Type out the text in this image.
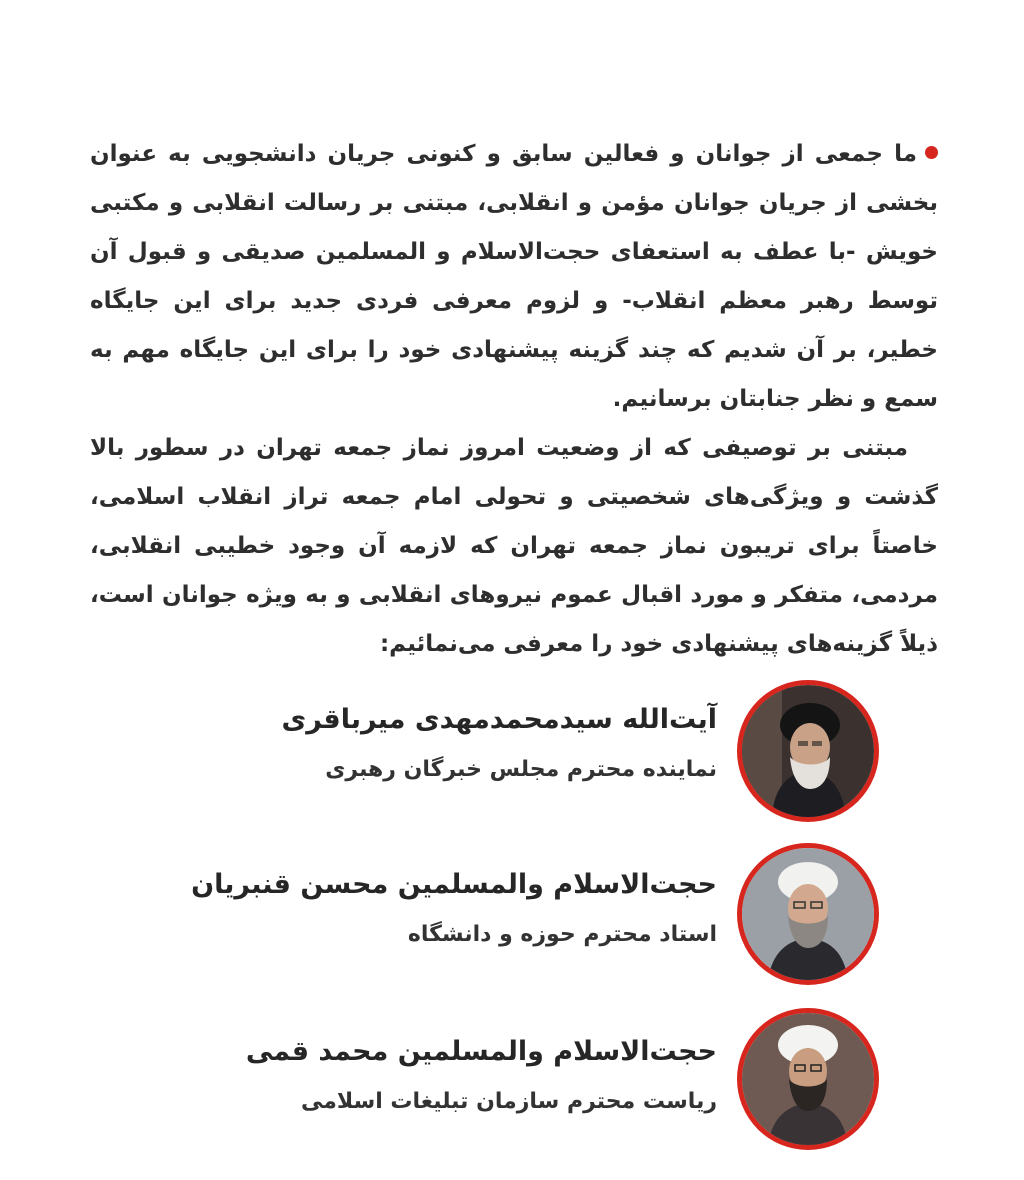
ما جمعی از جوانان و فعالین سابق و کنونی جریان دانشجویی به عنوان بخشی از جریان جوانان مؤمن و انقلابی، مبتنی بر رسالت انقلابی و مکتبی خویش -با عطف به استعفای حجت‌الاسلام و المسلمین صدیقی و قبول آن توسط رهبر معظم انقلاب- و لزوم معرفی فردی جدید برای این جایگاه خطیر، بر آن شدیم که چند گزینه پیشنهادی خود را برای این جایگاه مهم به سمع و نظر جنابتان برسانیم.

مبتنی بر توصیفی که از وضعیت امروز نماز جمعه تهران در سطور بالا گذشت و ویژگی‌های شخصیتی و تحولی امام جمعه تراز انقلاب اسلامی، خاصتاً برای تریبون نماز جمعه تهران که لازمه آن وجود خطیبی انقلابی، مردمی، متفکر و مورد اقبال عموم نیروهای انقلابی و به ویژه جوانان است، ذیلاً گزینه‌های پیشنهادی خود را معرفی می‌نمائیم:

آیت‌الله سیدمحمدمهدی میرباقری
نماینده محترم مجلس خبرگان رهبری
حجت‌الاسلام والمسلمین محسن قنبریان
استاد محترم حوزه و دانشگاه
حجت‌الاسلام والمسلمین محمد قمی
ریاست محترم سازمان تبلیغات اسلامی
